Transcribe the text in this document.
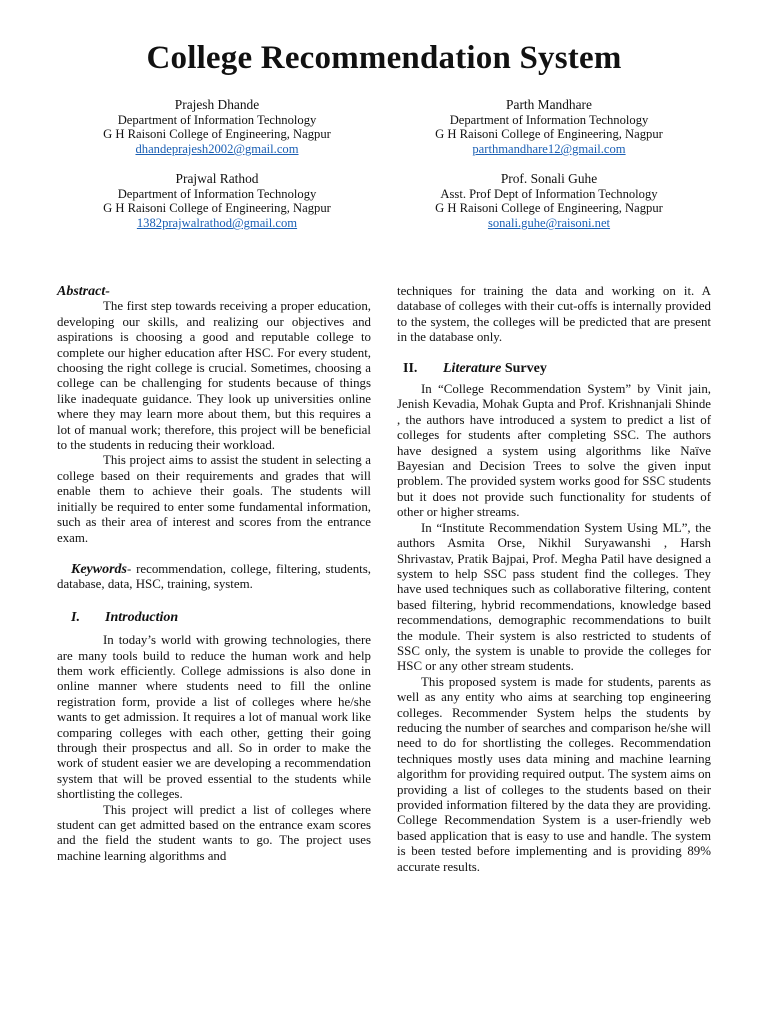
College Recommendation System
Prajesh Dhande
Department of Information Technology
G H Raisoni College of Engineering, Nagpur
dhandeprajesh2002@gmail.com
Parth Mandhare
Department of Information Technology
G H Raisoni College of Engineering, Nagpur
parthmandhare12@gmail.com
Prajwal Rathod
Department of Information Technology
G H Raisoni College of Engineering, Nagpur
1382prajwalrathod@gmail.com
Prof. Sonali Guhe
Asst. Prof Dept of Information Technology
G H Raisoni College of Engineering, Nagpur
sonali.guhe@raisoni.net

Abstract-

The first step towards receiving a proper education, developing our skills, and realizing our objectives and aspirations is choosing a good and reputable college to complete our higher education after HSC. For every student, choosing the right college is crucial. Sometimes, choosing a college can be challenging for students because of things like inadequate guidance. They look up universities online where they may learn more about them, but this requires a lot of manual work; therefore, this project will be beneficial to the students in reducing their workload.

This project aims to assist the student in selecting a college based on their requirements and grades that will enable them to achieve their goals. The students will initially be required to enter some fundamental information, such as their area of interest and scores from the entrance exam.

Keywords- recommendation, college, filtering, students, database, data, HSC, training, system.

I. Introduction

In today’s world with growing technologies, there are many tools build to reduce the human work and help them work efficiently. College admissions is also done in online manner where students need to fill the online registration form, provide a list of colleges where he/she wants to get admission. It requires a lot of manual work like comparing colleges with each other, getting their going through their prospectus and all. So in order to make the work of student easier we are developing a recommendation system that will be proved essential to the students while shortlisting the colleges.

This project will predict a list of colleges where student can get admitted based on the entrance exam scores and the field the student wants to go. The project uses machine learning algorithms and

techniques for training the data and working on it. A database of colleges with their cut-offs is internally provided to the system, the colleges will be predicted that are present in the database only.

II. Literature Survey

In “College Recommendation System” by Vinit jain, Jenish Kevadia, Mohak Gupta and Prof. Krishnanjali Shinde , the authors have introduced a system to predict a list of colleges for students after completing SSC. The authors have designed a system using algorithms like Naïve Bayesian and Decision Trees to solve the given input problem. The provided system works good for SSC students but it does not provide such functionality for students of other or higher streams.

In “Institute Recommendation System Using ML”, the authors Asmita Orse, Nikhil Suryawanshi , Harsh Shrivastav, Pratik Bajpai, Prof. Megha Patil have designed a system to help SSC pass student find the colleges. They have used techniques such as collaborative filtering, content based filtering, hybrid recommendations, knowledge based recommendations, demographic recommendations to built the module. Their system is also restricted to students of SSC only, the system is unable to provide the colleges for HSC or any other stream students.

This proposed system is made for students, parents as well as any entity who aims at searching top engineering colleges. Recommender System helps the students by reducing the number of searches and comparison he/she will need to do for shortlisting the colleges. Recommendation techniques mostly uses data mining and machine learning algorithm for providing required output. The system aims on providing a list of colleges to the students based on their provided information filtered by the data they are providing. College Recommendation System is a user-friendly web based application that is easy to use and handle. The system is been tested before implementing and is providing 89% accurate results.
